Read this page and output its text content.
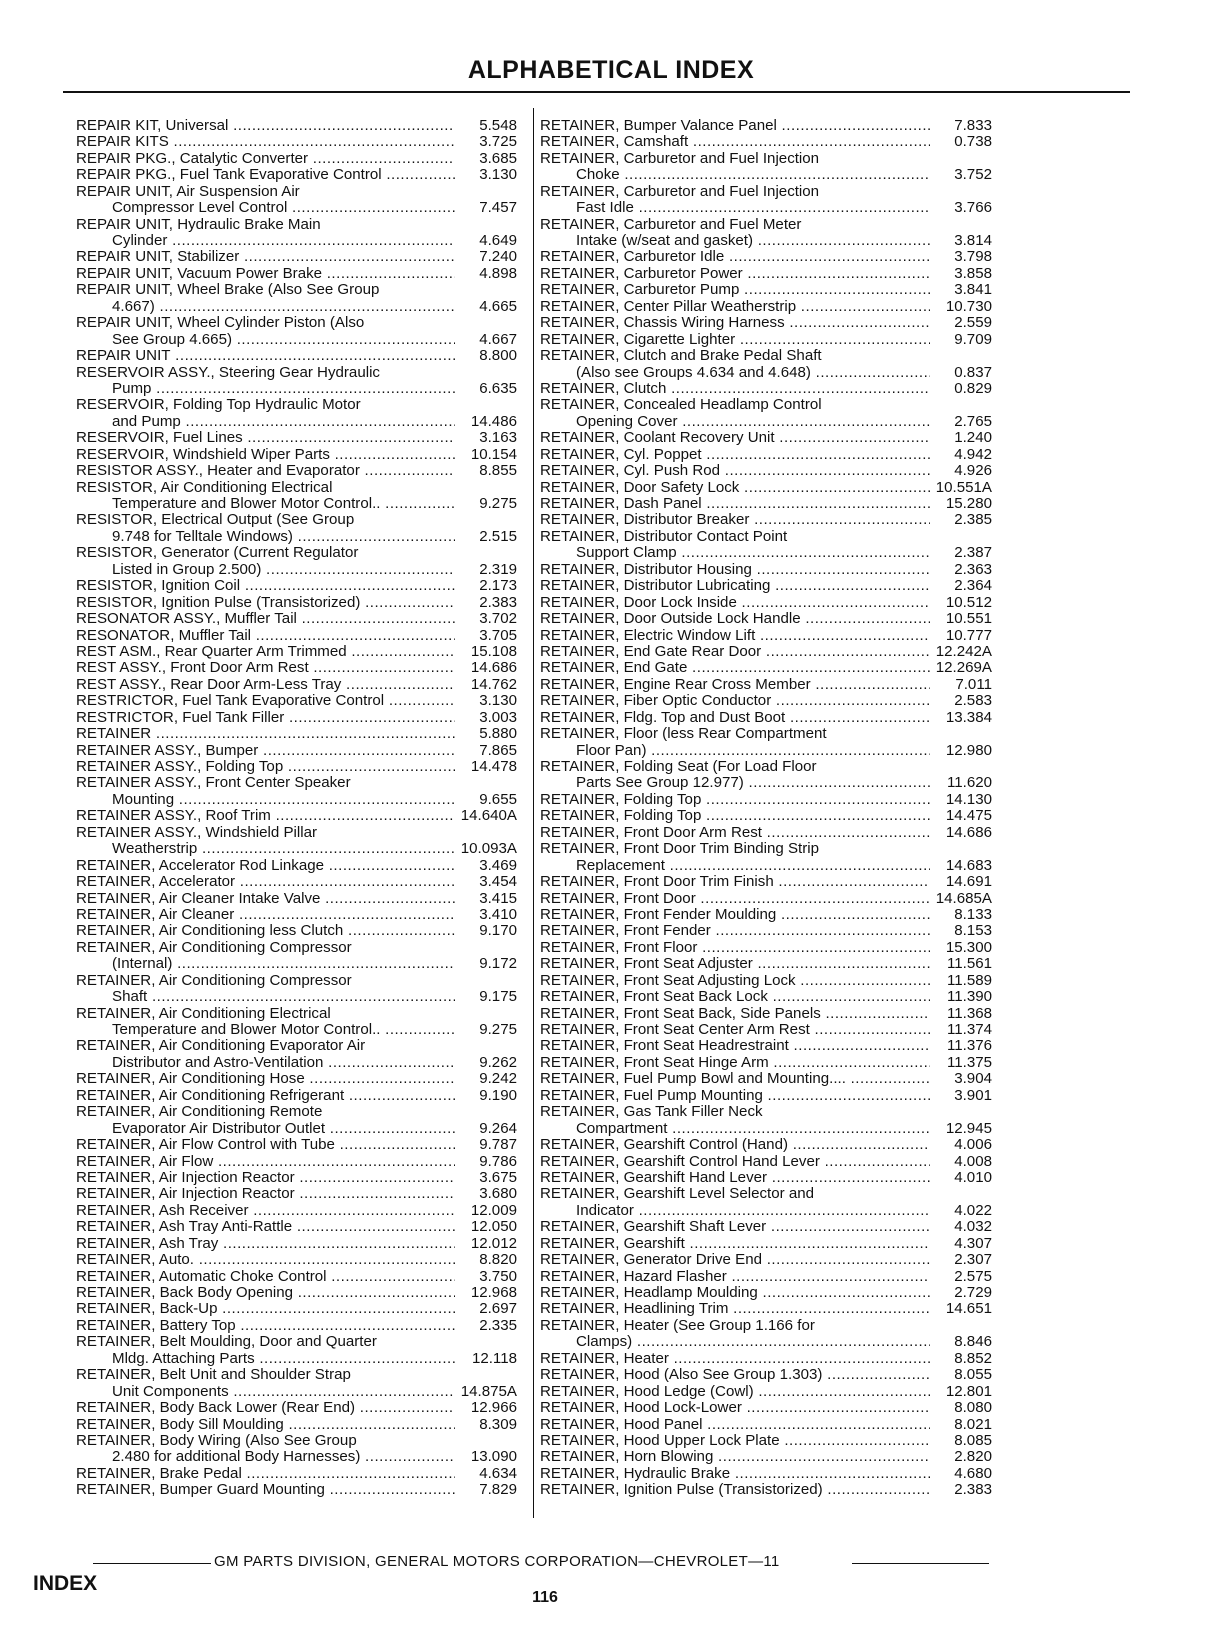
ALPHABETICAL INDEX
REPAIR KIT, Universal .....	5.548
REPAIR KITS .....	3.725
REPAIR PKG., Catalytic Converter .....	3.685
REPAIR PKG., Fuel Tank Evaporative Control .....	3.130
REPAIR UNIT, Air Suspension Air
Compressor Level Control .....	7.457
REPAIR UNIT, Hydraulic Brake Main
Cylinder .....	4.649
REPAIR UNIT, Stabilizer .....	7.240
REPAIR UNIT, Vacuum Power Brake .....	4.898
REPAIR UNIT, Wheel Brake (Also See Group
4.667) .....	4.665
REPAIR UNIT, Wheel Cylinder Piston (Also
See Group 4.665) .....	4.667
REPAIR UNIT .....	8.800
RESERVOIR ASSY., Steering Gear Hydraulic
Pump .....	6.635
RESERVOIR, Folding Top Hydraulic Motor
and Pump .....	14.486
RESERVOIR, Fuel Lines .....	3.163
RESERVOIR, Windshield Wiper Parts .....	10.154
RESISTOR ASSY., Heater and Evaporator .....	8.855
RESISTOR, Air Conditioning Electrical
Temperature and Blower Motor Control.. .....	9.275
RESISTOR, Electrical Output (See Group
9.748 for Telltale Windows) .....	2.515
RESISTOR, Generator (Current Regulator
Listed in Group 2.500) .....	2.319
RESISTOR, Ignition Coil .....	2.173
RESISTOR, Ignition Pulse (Transistorized) .....	2.383
RESONATOR ASSY., Muffler Tail .....	3.702
RESONATOR, Muffler Tail .....	3.705
REST ASM., Rear Quarter Arm Trimmed .....	15.108
REST ASSY., Front Door Arm Rest .....	14.686
REST ASSY., Rear Door Arm-Less Tray .....	14.762
RESTRICTOR, Fuel Tank Evaporative Control .....	3.130
RESTRICTOR, Fuel Tank Filler .....	3.003
RETAINER .....	5.880
RETAINER ASSY., Bumper .....	7.865
RETAINER ASSY., Folding Top .....	14.478
RETAINER ASSY., Front Center Speaker
Mounting .....	9.655
RETAINER ASSY., Roof Trim .....	14.640A
RETAINER ASSY., Windshield Pillar
Weatherstrip .....	10.093A
RETAINER, Accelerator Rod Linkage .....	3.469
RETAINER, Accelerator .....	3.454
RETAINER, Air Cleaner Intake Valve .....	3.415
RETAINER, Air Cleaner .....	3.410
RETAINER, Air Conditioning less Clutch .....	9.170
RETAINER, Air Conditioning Compressor
(Internal) .....	9.172
RETAINER, Air Conditioning Compressor
Shaft .....	9.175
RETAINER, Air Conditioning Electrical
Temperature and Blower Motor Control.. .....	9.275
RETAINER, Air Conditioning Evaporator Air
Distributor and Astro-Ventilation .....	9.262
RETAINER, Air Conditioning Hose .....	9.242
RETAINER, Air Conditioning Refrigerant .....	9.190
RETAINER, Air Conditioning Remote
Evaporator Air Distributor Outlet .....	9.264
RETAINER, Air Flow Control with Tube .....	9.787
RETAINER, Air Flow .....	9.786
RETAINER, Air Injection Reactor .....	3.675
RETAINER, Air Injection Reactor .....	3.680
RETAINER, Ash Receiver .....	12.009
RETAINER, Ash Tray Anti-Rattle .....	12.050
RETAINER, Ash Tray .....	12.012
RETAINER, Auto. .....	8.820
RETAINER, Automatic Choke Control .....	3.750
RETAINER, Back Body Opening .....	12.968
RETAINER, Back-Up .....	2.697
RETAINER, Battery Top .....	2.335
RETAINER, Belt Moulding, Door and Quarter
Mldg. Attaching Parts .....	12.118
RETAINER, Belt Unit and Shoulder Strap
Unit Components .....	14.875A
RETAINER, Body Back Lower (Rear End) .....	12.966
RETAINER, Body Sill Moulding .....	8.309
RETAINER, Body Wiring (Also See Group
2.480 for additional Body Harnesses) .....	13.090
RETAINER, Brake Pedal .....	4.634
RETAINER, Bumper Guard Mounting .....	7.829
RETAINER, Bumper Valance Panel .....	7.833
RETAINER, Camshaft .....	0.738
RETAINER, Carburetor and Fuel Injection
Choke .....	3.752
RETAINER, Carburetor and Fuel Injection
Fast Idle .....	3.766
RETAINER, Carburetor and Fuel Meter
Intake (w/seat and gasket) .....	3.814
RETAINER, Carburetor Idle .....	3.798
RETAINER, Carburetor Power .....	3.858
RETAINER, Carburetor Pump .....	3.841
RETAINER, Center Pillar Weatherstrip .....	10.730
RETAINER, Chassis Wiring Harness .....	2.559
RETAINER, Cigarette Lighter .....	9.709
RETAINER, Clutch and Brake Pedal Shaft
(Also see Groups 4.634 and 4.648) .....	0.837
RETAINER, Clutch .....	0.829
RETAINER, Concealed Headlamp Control
Opening Cover .....	2.765
RETAINER, Coolant Recovery Unit .....	1.240
RETAINER, Cyl. Poppet .....	4.942
RETAINER, Cyl. Push Rod .....	4.926
RETAINER, Door Safety Lock .....	10.551A
RETAINER, Dash Panel .....	15.280
RETAINER, Distributor Breaker .....	2.385
RETAINER, Distributor Contact Point
Support Clamp .....	2.387
RETAINER, Distributor Housing .....	2.363
RETAINER, Distributor Lubricating .....	2.364
RETAINER, Door Lock Inside .....	10.512
RETAINER, Door Outside Lock Handle .....	10.551
RETAINER, Electric Window Lift .....	10.777
RETAINER, End Gate Rear Door .....	12.242A
RETAINER, End Gate .....	12.269A
RETAINER, Engine Rear Cross Member .....	7.011
RETAINER, Fiber Optic Conductor .....	2.583
RETAINER, Fldg. Top and Dust Boot .....	13.384
RETAINER, Floor (less Rear Compartment
Floor Pan) .....	12.980
RETAINER, Folding Seat (For Load Floor
Parts See Group 12.977) .....	11.620
RETAINER, Folding Top .....	14.130
RETAINER, Folding Top .....	14.475
RETAINER, Front Door Arm Rest .....	14.686
RETAINER, Front Door Trim Binding Strip
Replacement .....	14.683
RETAINER, Front Door Trim Finish .....	14.691
RETAINER, Front Door .....	14.685A
RETAINER, Front Fender Moulding .....	8.133
RETAINER, Front Fender .....	8.153
RETAINER, Front Floor .....	15.300
RETAINER, Front Seat Adjuster .....	11.561
RETAINER, Front Seat Adjusting Lock .....	11.589
RETAINER, Front Seat Back Lock .....	11.390
RETAINER, Front Seat Back, Side Panels .....	11.368
RETAINER, Front Seat Center Arm Rest .....	11.374
RETAINER, Front Seat Headrestraint .....	11.376
RETAINER, Front Seat Hinge Arm .....	11.375
RETAINER, Fuel Pump Bowl and Mounting.... .....	3.904
RETAINER, Fuel Pump Mounting .....	3.901
RETAINER, Gas Tank Filler Neck
Compartment .....	12.945
RETAINER, Gearshift Control (Hand) .....	4.006
RETAINER, Gearshift Control Hand Lever .....	4.008
RETAINER, Gearshift Hand Lever .....	4.010
RETAINER, Gearshift Level Selector and
Indicator .....	4.022
RETAINER, Gearshift Shaft Lever .....	4.032
RETAINER, Gearshift .....	4.307
RETAINER, Generator Drive End .....	2.307
RETAINER, Hazard Flasher .....	2.575
RETAINER, Headlamp Moulding .....	2.729
RETAINER, Headlining Trim .....	14.651
RETAINER, Heater (See Group 1.166 for
Clamps) .....	8.846
RETAINER, Heater .....	8.852
RETAINER, Hood (Also See Group 1.303) .....	8.055
RETAINER, Hood Ledge (Cowl) .....	12.801
RETAINER, Hood Lock-Lower .....	8.080
RETAINER, Hood Panel .....	8.021
RETAINER, Hood Upper Lock Plate .....	8.085
RETAINER, Horn Blowing .....	2.820
RETAINER, Hydraulic Brake .....	4.680
RETAINER, Ignition Pulse (Transistorized) .....	2.383
GM PARTS DIVISION, GENERAL MOTORS CORPORATION—CHEVROLET—11
INDEX
116
